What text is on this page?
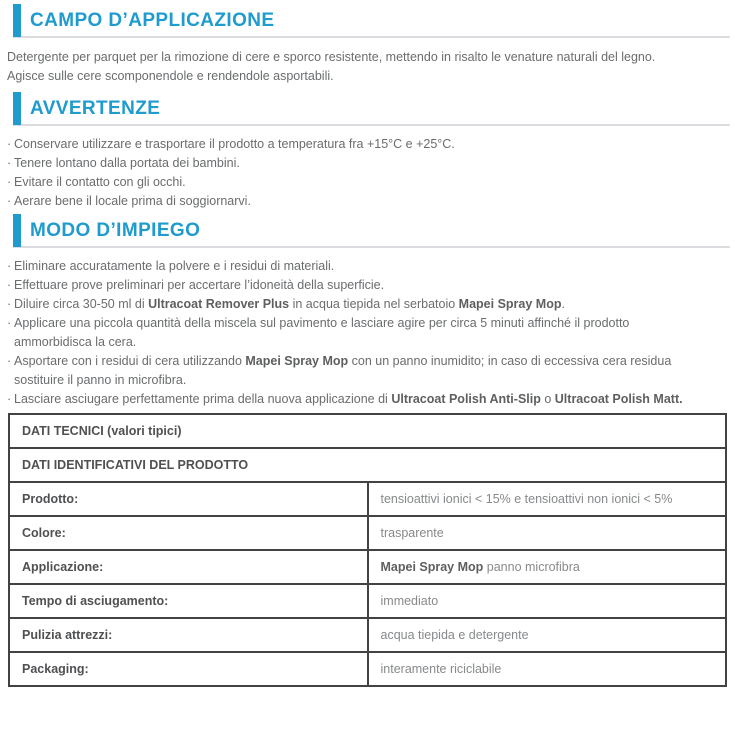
CAMPO D’APPLICAZIONE
Detergente per parquet per la rimozione di cere e sporco resistente, mettendo in risalto le venature naturali del legno.
Agisce sulle cere scomponendole e rendendole asportabili.
AVVERTENZE
· Conservare utilizzare e trasportare il prodotto a temperatura fra +15°C e +25°C.
· Tenere lontano dalla portata dei bambini.
· Evitare il contatto con gli occhi.
· Aerare bene il locale prima di soggiornarvi.
MODO D’IMPIEGO
· Eliminare accuratamente la polvere e i residui di materiali.
· Effettuare prove preliminari per accertare l’idoneità della superficie.
· Diluire circa 30-50 ml di Ultracoat Remover Plus in acqua tiepida nel serbatoio Mapei Spray Mop.
· Applicare una piccola quantità della miscela sul pavimento e lasciare agire per circa 5 minuti affinché il prodotto
ammorbidisca la cera.
· Asportare con i residui di cera utilizzando Mapei Spray Mop con un panno inumidito; in caso di eccessiva cera residua
sostituire il panno in microfibra.
· Lasciare asciugare perfettamente prima della nuova applicazione di Ultracoat Polish Anti-Slip o Ultracoat Polish Matt.
DATI TECNICI (valori tipici)	
DATI IDENTIFICATIVI DEL PRODOTTO	
Prodotto:	tensioattivi ionici < 15% e tensioattivi non ionici < 5%
Colore:	trasparente
Applicazione:	Mapei Spray Mop panno microfibra
Tempo di asciugamento:	immediato
Pulizia attrezzi:	acqua tiepida e detergente
Packaging:	interamente riciclabile
